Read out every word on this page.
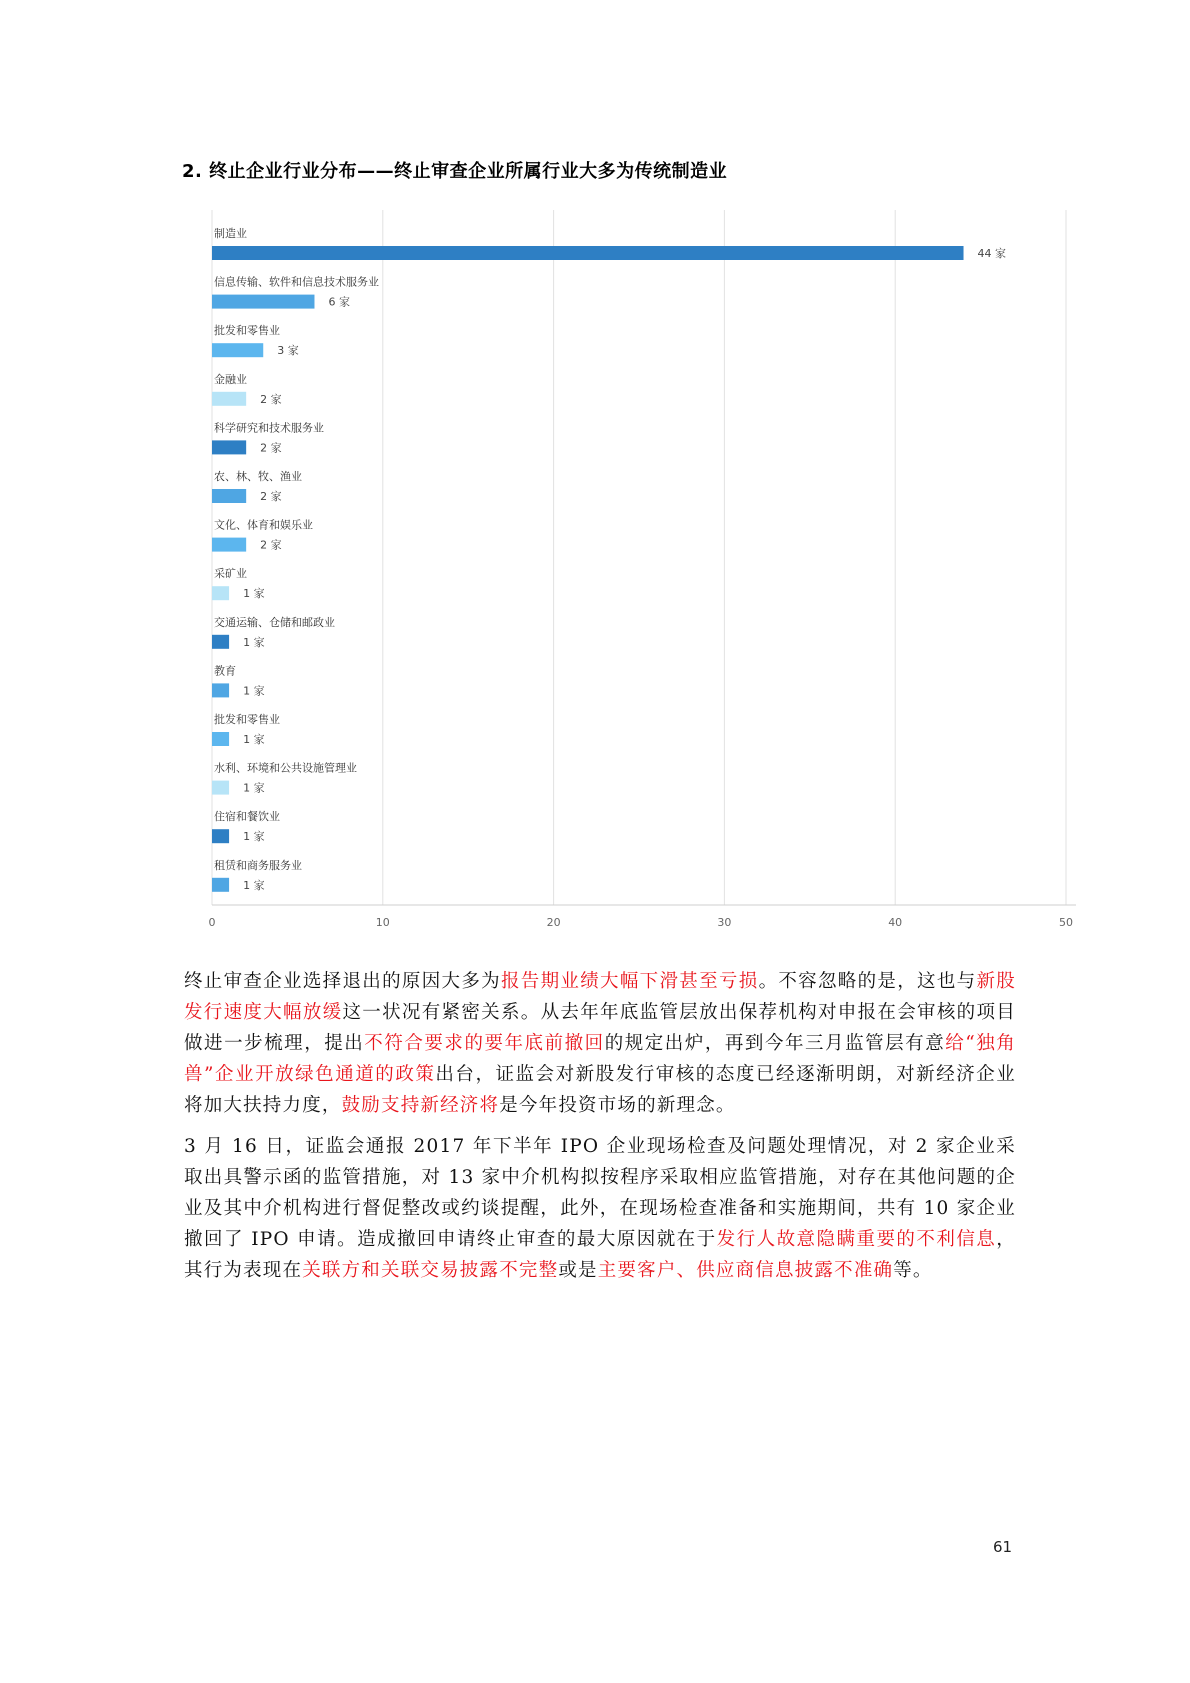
2. 终止企业行业分布——终止审查企业所属行业大多为传统制造业
0	10	20	30	40	50
制造业
44 家
信息传输、软件和信息技术服务业
6 家
批发和零售业
3 家
金融业
2 家
科学研究和技术服务业
2 家
农、林、牧、渔业
2 家
文化、体育和娱乐业
2 家
采矿业
1 家
交通运输、仓储和邮政业
1 家
教育
1 家
批发和零售业
1 家
水利、环境和公共设施管理业
1 家
住宿和餐饮业
1 家
租赁和商务服务业
1 家

终止审查企业选择退出的原因大多为报告期业绩大幅下滑甚至亏损。不容忽略的是，这也与新股发行速度大幅放缓这一状况有紧密关系。从去年年底监管层放出保荐机构对申报在会审核的项目做进一步梳理，提出不符合要求的要年底前撤回的规定出炉，再到今年三月监管层有意给“独角兽”企业开放绿色通道的政策出台，证监会对新股发行审核的态度已经逐渐明朗，对新经济企业将加大扶持力度，鼓励支持新经济将是今年投资市场的新理念。

3 月 16 日，证监会通报 2017 年下半年 IPO 企业现场检查及问题处理情况，对 2 家企业采取出具警示函的监管措施，对 13 家中介机构拟按程序采取相应监管措施，对存在其他问题的企业及其中介机构进行督促整改或约谈提醒，此外，在现场检查准备和实施期间，共有 10 家企业撤回了 IPO 申请。造成撤回申请终止审查的最大原因就在于发行人故意隐瞒重要的不利信息，其行为表现在关联方和关联交易披露不完整或是主要客户、供应商信息披露不准确等。

61
